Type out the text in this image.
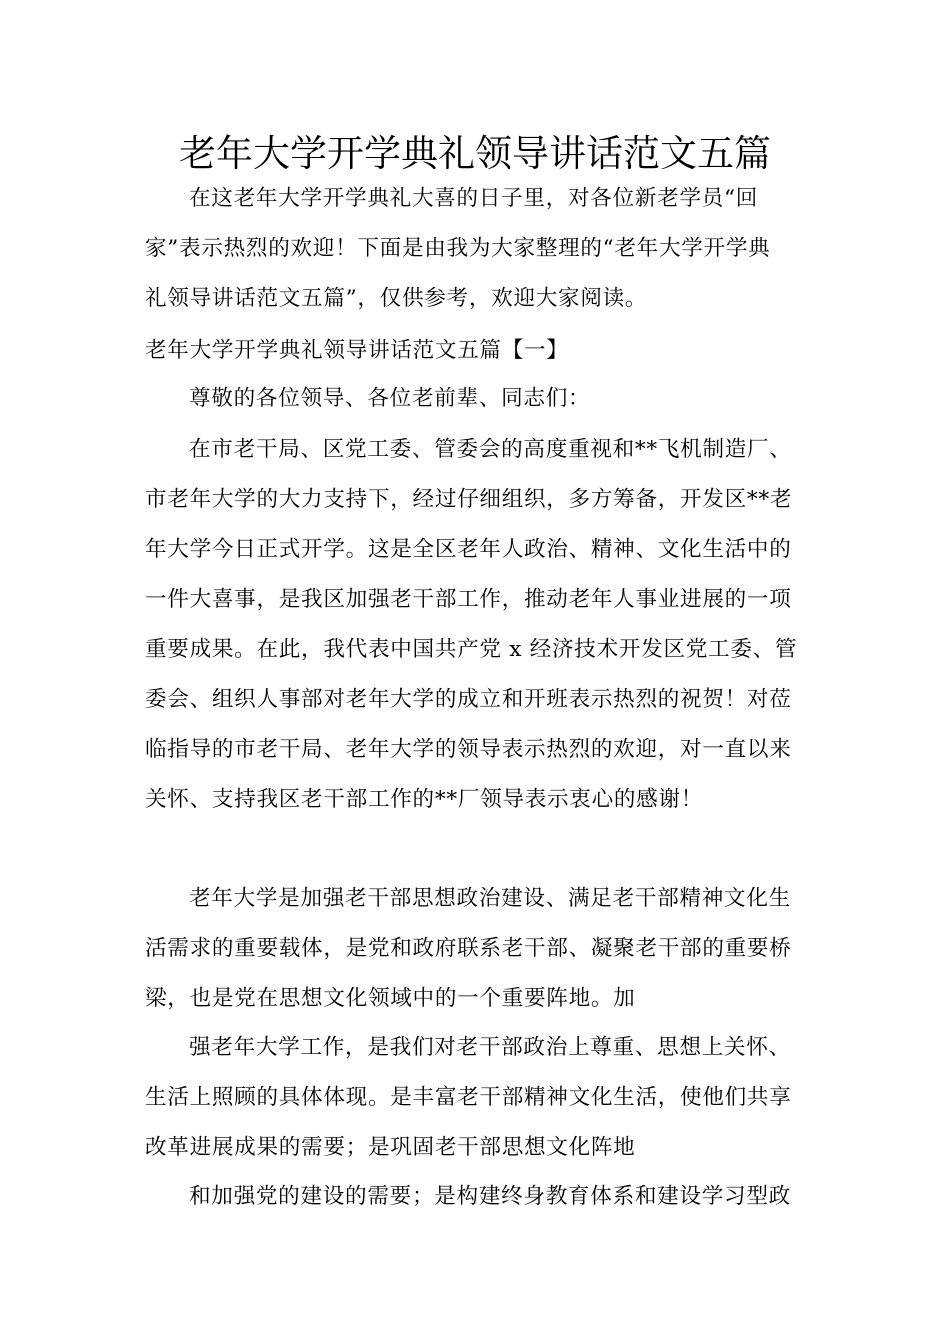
老年大学开学典礼领导讲话范文五篇
在这老年大学开学典礼大喜的日子里，对各位新老学员“回
家”表示热烈的欢迎！下面是由我为大家整理的“老年大学开学典
礼领导讲话范文五篇”，仅供参考，欢迎大家阅读。
老年大学开学典礼领导讲话范文五篇【一】
尊敬的各位领导、各位老前辈、同志们：
在市老干局、区党工委、管委会的高度重视和**飞机制造厂、
市老年大学的大力支持下，经过仔细组织，多方筹备，开发区**老
年大学今日正式开学。这是全区老年人政治、精神、文化生活中的
一件大喜事，是我区加强老干部工作，推动老年人事业进展的一项
重要成果。在此，我代表中国共产党 x 经济技术开发区党工委、管
委会、组织人事部对老年大学的成立和开班表示热烈的祝贺！对莅
临指导的市老干局、老年大学的领导表示热烈的欢迎，对一直以来
关怀、支持我区老干部工作的**厂领导表示衷心的感谢！
老年大学是加强老干部思想政治建设、满足老干部精神文化生
活需求的重要载体，是党和政府联系老干部、凝聚老干部的重要桥
梁，也是党在思想文化领域中的一个重要阵地。加
强老年大学工作，是我们对老干部政治上尊重、思想上关怀、
生活上照顾的具体体现。是丰富老干部精神文化生活，使他们共享
改革进展成果的需要；是巩固老干部思想文化阵地
和加强党的建设的需要；是构建终身教育体系和建设学习型政
